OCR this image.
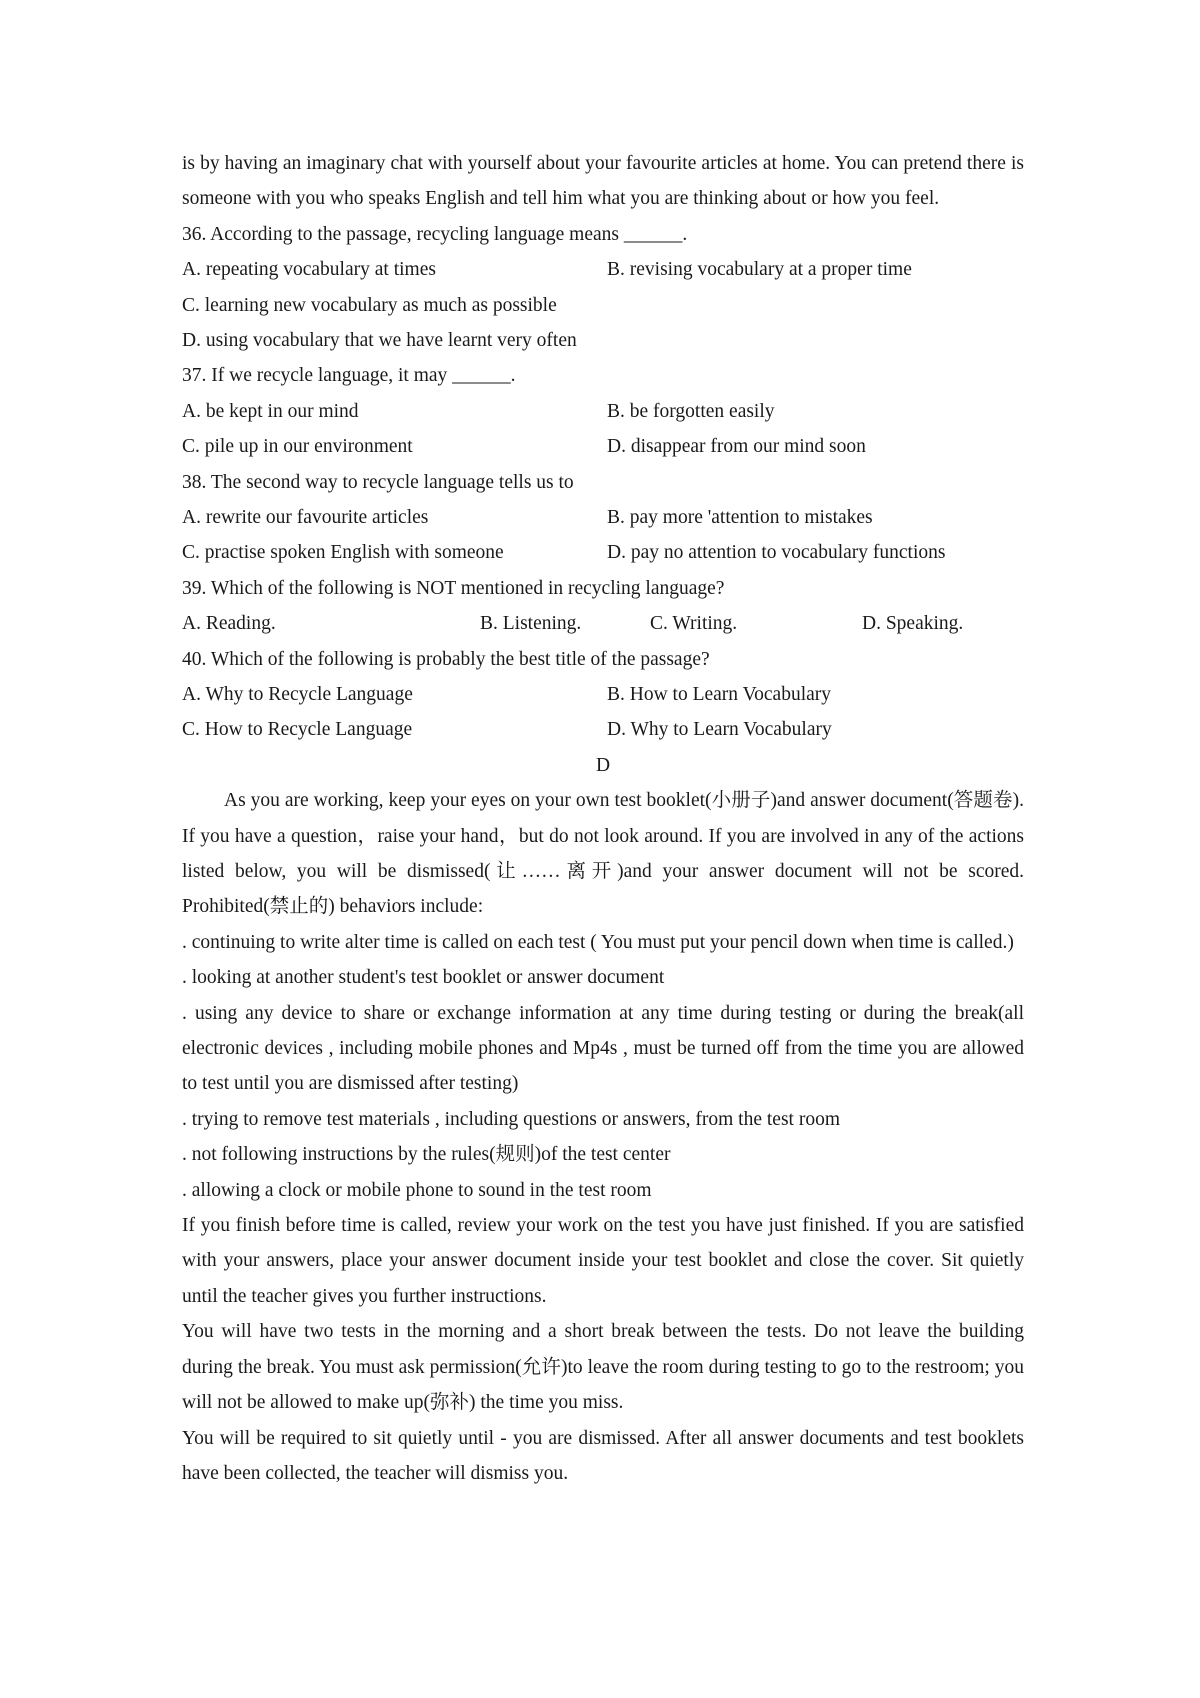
is by having an imaginary chat with yourself about your favourite articles at home. You can pretend there is someone with you who speaks English and tell him what you are thinking about or how you feel.

36. According to the passage, recycling language means ______.

A. repeating vocabulary at times	B. revising vocabulary at a proper time

C. learning new vocabulary as much as possible

D. using vocabulary that we have learnt very often

37. If we recycle language, it may ______.

A. be kept in our mind	B. be forgotten easily
C. pile up in our environment	D. disappear from our mind soon

38. The second way to recycle language tells us to

A. rewrite our favourite articles	B. pay more 'attention to mistakes
C. practise spoken English with someone	D. pay no attention to vocabulary functions

39. Which of the following is NOT mentioned in recycling language?

A. Reading.	B. Listening.	C. Writing.	D. Speaking.

40. Which of the following is probably the best title of the passage?

A. Why to Recycle Language	B. How to Learn Vocabulary
C. How to Recycle Language	D. Why to Learn Vocabulary

D

As you are working, keep your eyes on your own test booklet(小册子)and answer document(答题卷). If you have a question，raise your hand，but do not look around. If you are involved in any of the actions listed below, you will be dismissed(让……离开)and your answer document will not be scored. Prohibited(禁止的) behaviors include:

. continuing to write alter time is called on each test ( You must put your pencil down when time is called.)

. looking at another student's test booklet or answer document

. using any device to share or exchange information at any time during testing or during the break(all electronic devices , including mobile phones and Mp4s , must be turned off from the time you are allowed to test until you are dismissed after testing)

. trying to remove test materials , including questions or answers, from the test room

. not following instructions by the rules(规则)of the test center

. allowing a clock or mobile phone to sound in the test room

If you finish before time is called, review your work on the test you have just finished. If you are satisfied with your answers, place your answer document inside your test booklet and close the cover. Sit quietly until the teacher gives you further instructions.

You will have two tests in the morning and a short break between the tests. Do not leave the building during the break. You must ask permission(允许)to leave the room during testing to go to the restroom; you will not be allowed to make up(弥补) the time you miss.

You will be required to sit quietly until - you are dismissed. After all answer documents and test booklets have been collected, the teacher will dismiss you.
